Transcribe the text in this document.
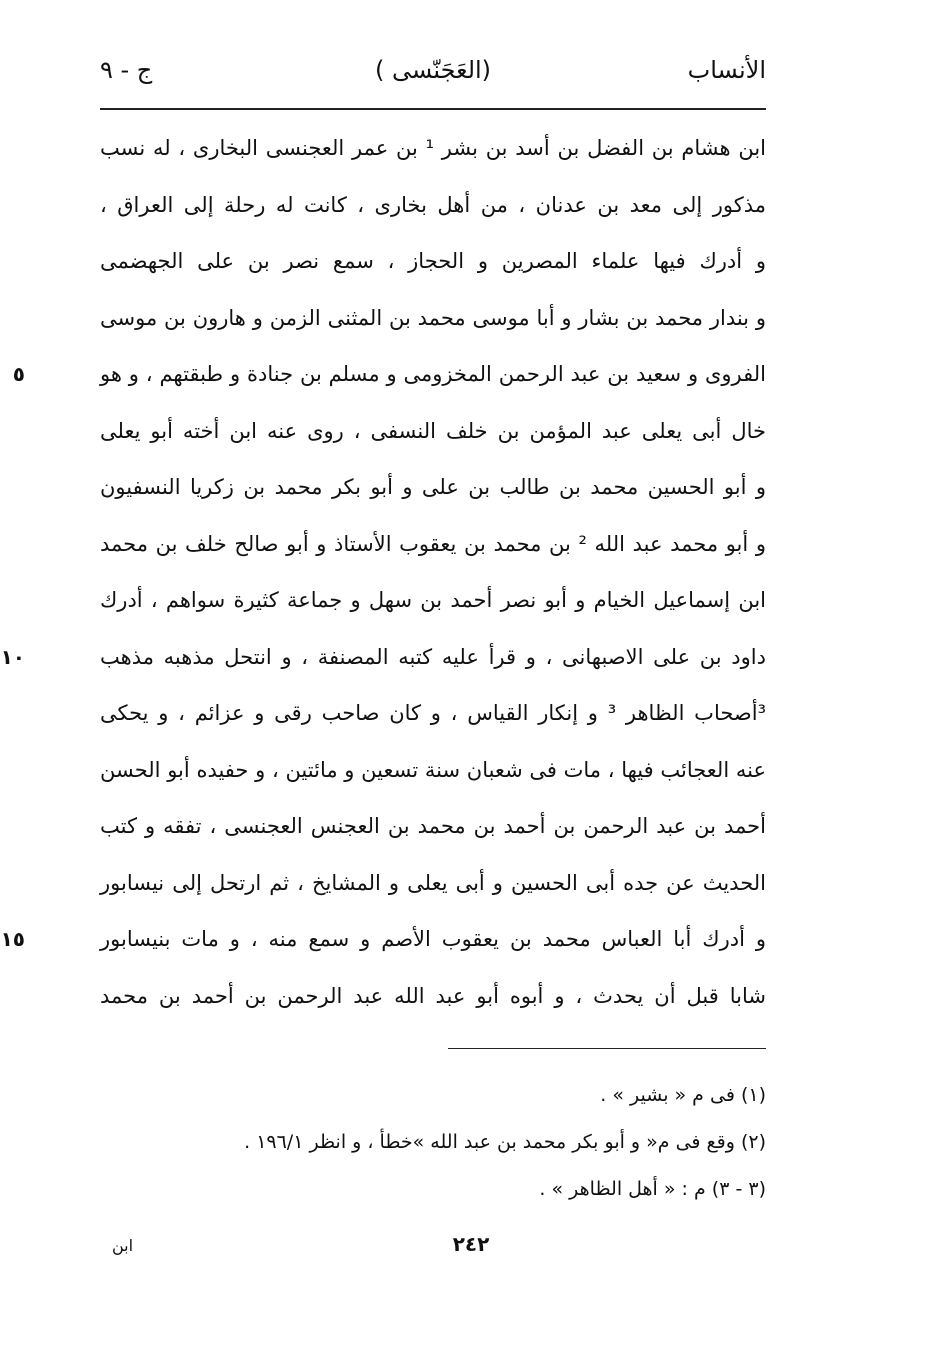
الأنساب
(العَجَنّسى )
ج - ٩
ابن هشام بن الفضل بن أسد بن بشر ¹ بن عمر العجنسى البخارى ، له نسب
مذكور إلى معد بن عدنان ، من أهل بخارى ، كانت له رحلة إلى العراق ،
و أدرك فيها علماء المصرين و الحجاز ، سمع نصر بن على الجهضمى
و بندار محمد بن بشار و أبا موسى محمد بن المثنى الزمن و هارون بن موسى
الفروى و سعيد بن عبد الرحمن المخزومى و مسلم بن جنادة و طبقتهم ، و هو
٥
خال أبى يعلى عبد المؤمن بن خلف النسفى ، روى عنه ابن أخته أبو يعلى
و أبو الحسين محمد بن طالب بن على و أبو بكر محمد بن زكريا النسفيون
و أبو محمد عبد الله ² بن محمد بن يعقوب الأستاذ و أبو صالح خلف بن محمد
ابن إسماعيل الخيام و أبو نصر أحمد بن سهل و جماعة كثيرة سواهم ، أدرك
داود بن على الاصبهانى ، و قرأ عليه كتبه المصنفة ، و انتحل مذهبه مذهب
١٠
³أصحاب الظاهر ³ و إنكار القياس ، و كان صاحب رقى و عزائم ، و يحكى
عنه العجائب فيها ، مات فى شعبان سنة تسعين و مائتين ، و حفيده أبو الحسن
أحمد بن عبد الرحمن بن أحمد بن محمد بن العجنس العجنسى ، تفقه و كتب
الحديث عن جده أبى الحسين و أبى يعلى و المشايخ ، ثم ارتحل إلى نيسابور
و أدرك أبا العباس محمد بن يعقوب الأصم و سمع منه ، و مات بنيسابور
١٥
شابا قبل أن يحدث ، و أبوه أبو عبد الله عبد الرحمن بن أحمد بن محمد
(١) فى م « بشير » .
(٢) وقع فى م« و أبو بكر محمد بن عبد الله »خطأ ، و انظر ١٩٦/١ .
(٣ - ٣) م : « أهل الظاهر » .
٢٤٢
ابن
